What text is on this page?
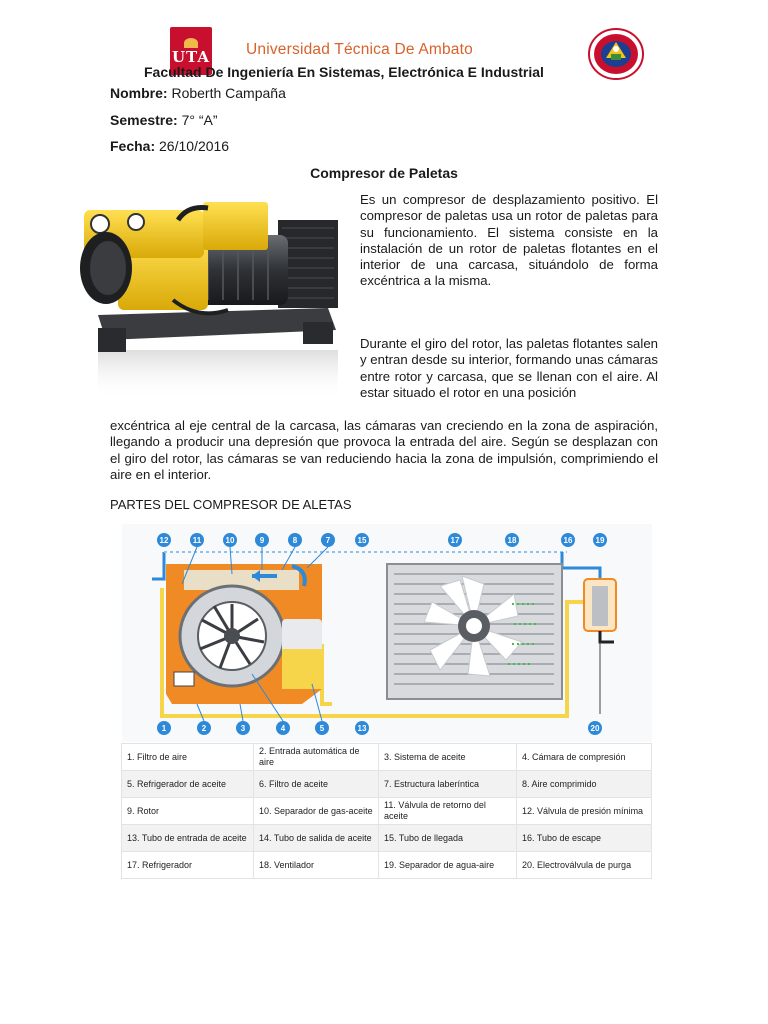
UTA Universidad Técnica De Ambato
Facultad De Ingeniería En Sistemas, Electrónica E Industrial
Nombre: Roberth Campaña
Semestre: 7° “A”
Fecha: 26/10/2016
Compresor de Paletas
Es un compresor de desplazamiento positivo. El compresor de paletas usa un rotor de paletas para su funcionamiento. El sistema consiste en la instalación de un rotor de paletas flotantes en el interior de una carcasa, situándolo de forma excéntrica a la misma.
Durante el giro del rotor, las paletas flotantes salen y entran desde su interior, formando unas cámaras entre rotor y carcasa, que se llenan con el aire. Al estar situado el rotor en una posición
excéntrica al eje central de la carcasa, las cámaras van creciendo en la zona de aspiración, llegando a producir una depresión que provoca la entrada del aire. Según se desplazan con el giro del rotor, las cámaras se van reduciendo hacia la zona de impulsión, comprimiendo el aire en el interior.
PARTES DEL COMPRESOR DE ALETAS
12	11	10	9	8	7	15	17	18	16	19
1	2	3	4	5	13	20
1. Filtro de aire	2. Entrada automática de aire	3. Sistema de aceite	4. Cámara de compresión
5. Refrigerador de aceite	6. Filtro de aceite	7. Estructura laberíntica	8. Aire comprimido
9. Rotor	10. Separador de gas-aceite	11. Válvula de retorno del aceite	12. Válvula de presión mínima
13. Tubo de entrada de aceite	14. Tubo de salida de aceite	15. Tubo de llegada	16. Tubo de escape
17. Refrigerador	18. Ventilador	19. Separador de agua-aire	20. Electroválvula de purga
